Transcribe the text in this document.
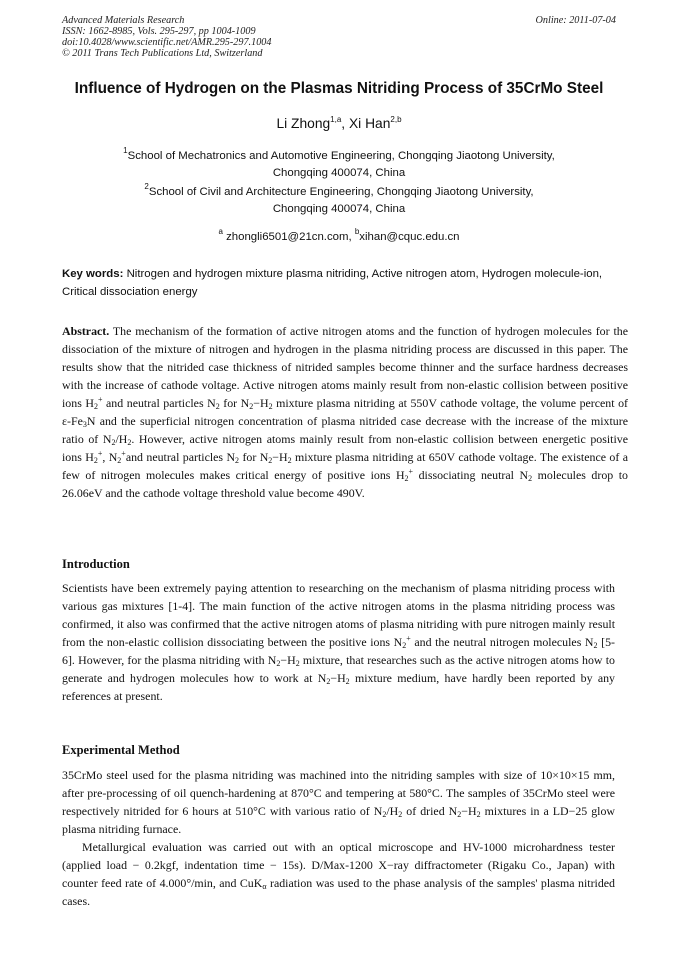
Advanced Materials Research
ISSN: 1662-8985, Vols. 295-297, pp 1004-1009
doi:10.4028/www.scientific.net/AMR.295-297.1004
© 2011 Trans Tech Publications Ltd, Switzerland
Online: 2011-07-04
Influence of Hydrogen on the Plasmas Nitriding Process of 35CrMo Steel
Li Zhong$^{1,a}$, Xi Han$^{2,b}$
$^1$School of Mechatronics and Automotive Engineering, Chongqing Jiaotong University,
Chongqing 400074, China
$^2$School of Civil and Architecture Engineering, Chongqing Jiaotong University,
Chongqing 400074, China
$^a$ zhongli6501@21cn.com, $^b$xihan@cquc.edu.cn
Key words: Nitrogen and hydrogen mixture plasma nitriding, Active nitrogen atom, Hydrogen molecule-ion, Critical dissociation energy

Abstract. The mechanism of the formation of active nitrogen atoms and the function of hydrogen molecules for the dissociation of the mixture of nitrogen and hydrogen in the plasma nitriding process are discussed in this paper. The results show that the nitrided case thickness of nitrided samples become thinner and the surface hardness decreases with the increase of cathode voltage. Active nitrogen atoms mainly result from non-elastic collision between positive ions $H_2^+$ and neutral particles $N_2$ for $N_2-H_2$ mixture plasma nitriding at 550V cathode voltage, the volume percent of $\varepsilon-Fe_3N$ and the superficial nitrogen concentration of plasma nitrided case decrease with the increase of the mixture ratio of $N_2/H_2$. However, active nitrogen atoms mainly result from non-elastic collision between energetic positive ions $H_2^+$, $N_2^+and$ neutral particles $N_2$ for $N_2-H_2$ mixture plasma nitriding at 650V cathode voltage. The existence of a few of nitrogen molecules makes critical energy of positive ions $H_2^+$ dissociating neutral $N_2$ molecules drop to 26.06eV and the cathode voltage threshold value become 490V.

Introduction

Scientists have been extremely paying attention to researching on the mechanism of plasma nitriding process with various gas mixtures [1-4]. The main function of the active nitrogen atoms in the plasma nitriding process was confirmed, it also was confirmed that the active nitrogen atoms of plasma nitriding with pure nitrogen mainly result from the non-elastic collision dissociating between the positive ions $N_2^+$ and the neutral nitrogen molecules $N_2$ [5-6]. However, for the plasma nitriding with $N_2-H_2$ mixture, that researches such as the active nitrogen atoms how to generate and hydrogen molecules how to work at $N_2-H_2$ mixture medium, have hardly been reported by any references at present.

Experimental Method

35CrMo steel used for the plasma nitriding was machined into the nitriding samples with size of 10×10×15 mm, after pre-processing of oil quench-hardening at 870°C and tempering at 580°C. The samples of 35CrMo steel were respectively nitrided for 6 hours at 510°C with various ratio of $N_2/H_2$ of dried $N_2-H_2$ mixtures in a LD−25 glow plasma nitriding furnace.

Metallurgical evaluation was carried out with an optical microscope and HV-1000 microhardness tester (applied load − 0.2kgf, indentation time − 15s). D/Max-1200 X−ray diffractometer (Rigaku Co., Japan) with counter feed rate of 4.000°/min, and CuK$_\alpha$ radiation was used to the phase analysis of the samples' plasma nitrided cases.
